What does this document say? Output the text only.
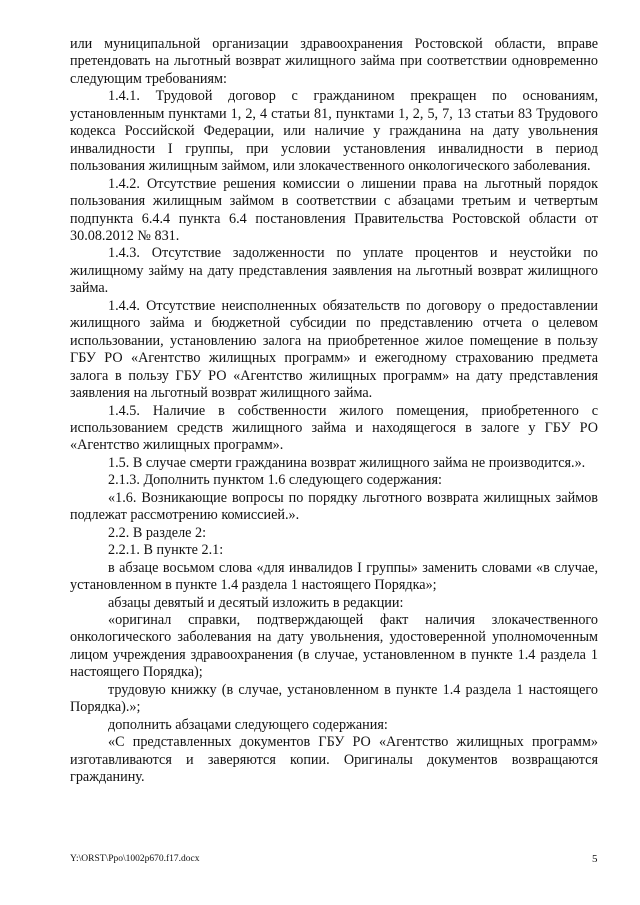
или муниципальной организации здравоохранения Ростовской области, вправе претендовать на льготный возврат жилищного займа при соответствии одновременно следующим требованиям:

1.4.1. Трудовой договор с гражданином прекращен по основаниям, установленным пунктами 1, 2, 4 статьи 81, пунктами 1, 2, 5, 7, 13 статьи 83 Трудового кодекса Российской Федерации, или наличие у гражданина на дату увольнения инвалидности I группы, при условии установления инвалидности в период пользования жилищным займом, или злокачественного онкологического заболевания.

1.4.2. Отсутствие решения комиссии о лишении права на льготный порядок пользования жилищным займом в соответствии с абзацами третьим и четвертым подпункта 6.4.4 пункта 6.4 постановления Правительства Ростовской области от 30.08.2012 № 831.

1.4.3. Отсутствие задолженности по уплате процентов и неустойки по жилищному займу на дату представления заявления на льготный возврат жилищного займа.

1.4.4. Отсутствие неисполненных обязательств по договору о предоставлении жилищного займа и бюджетной субсидии по представлению отчета о целевом использовании, установлению залога на приобретенное жилое помещение в пользу ГБУ РО «Агентство жилищных программ» и ежегодному страхованию предмета залога в пользу ГБУ РО «Агентство жилищных программ» на дату представления заявления на льготный возврат жилищного займа.

1.4.5. Наличие в собственности жилого помещения, приобретенного с использованием средств жилищного займа и находящегося в залоге у ГБУ РО «Агентство жилищных программ».

1.5. В случае смерти гражданина возврат жилищного займа не производится.».

2.1.3. Дополнить пунктом 1.6 следующего содержания:

«1.6. Возникающие вопросы по порядку льготного возврата жилищных займов подлежат рассмотрению комиссией.».

2.2. В разделе 2:

2.2.1. В пункте 2.1:

в абзаце восьмом слова «для инвалидов I группы» заменить словами «в случае, установленном в пункте 1.4 раздела 1 настоящего Порядка»;

абзацы девятый и десятый изложить в редакции:

«оригинал справки, подтверждающей факт наличия злокачественного онкологического заболевания на дату увольнения, удостоверенной уполномоченным лицом учреждения здравоохранения (в случае, установленном в пункте 1.4 раздела 1 настоящего Порядка);

трудовую книжку (в случае, установленном в пункте 1.4 раздела 1 настоящего Порядка).»;

дополнить абзацами следующего содержания:

«С представленных документов ГБУ РО «Агентство жилищных программ» изготавливаются и заверяются копии. Оригиналы документов возвращаются гражданину.

Y:\ORST\Ppo\1002p670.f17.docx	5
